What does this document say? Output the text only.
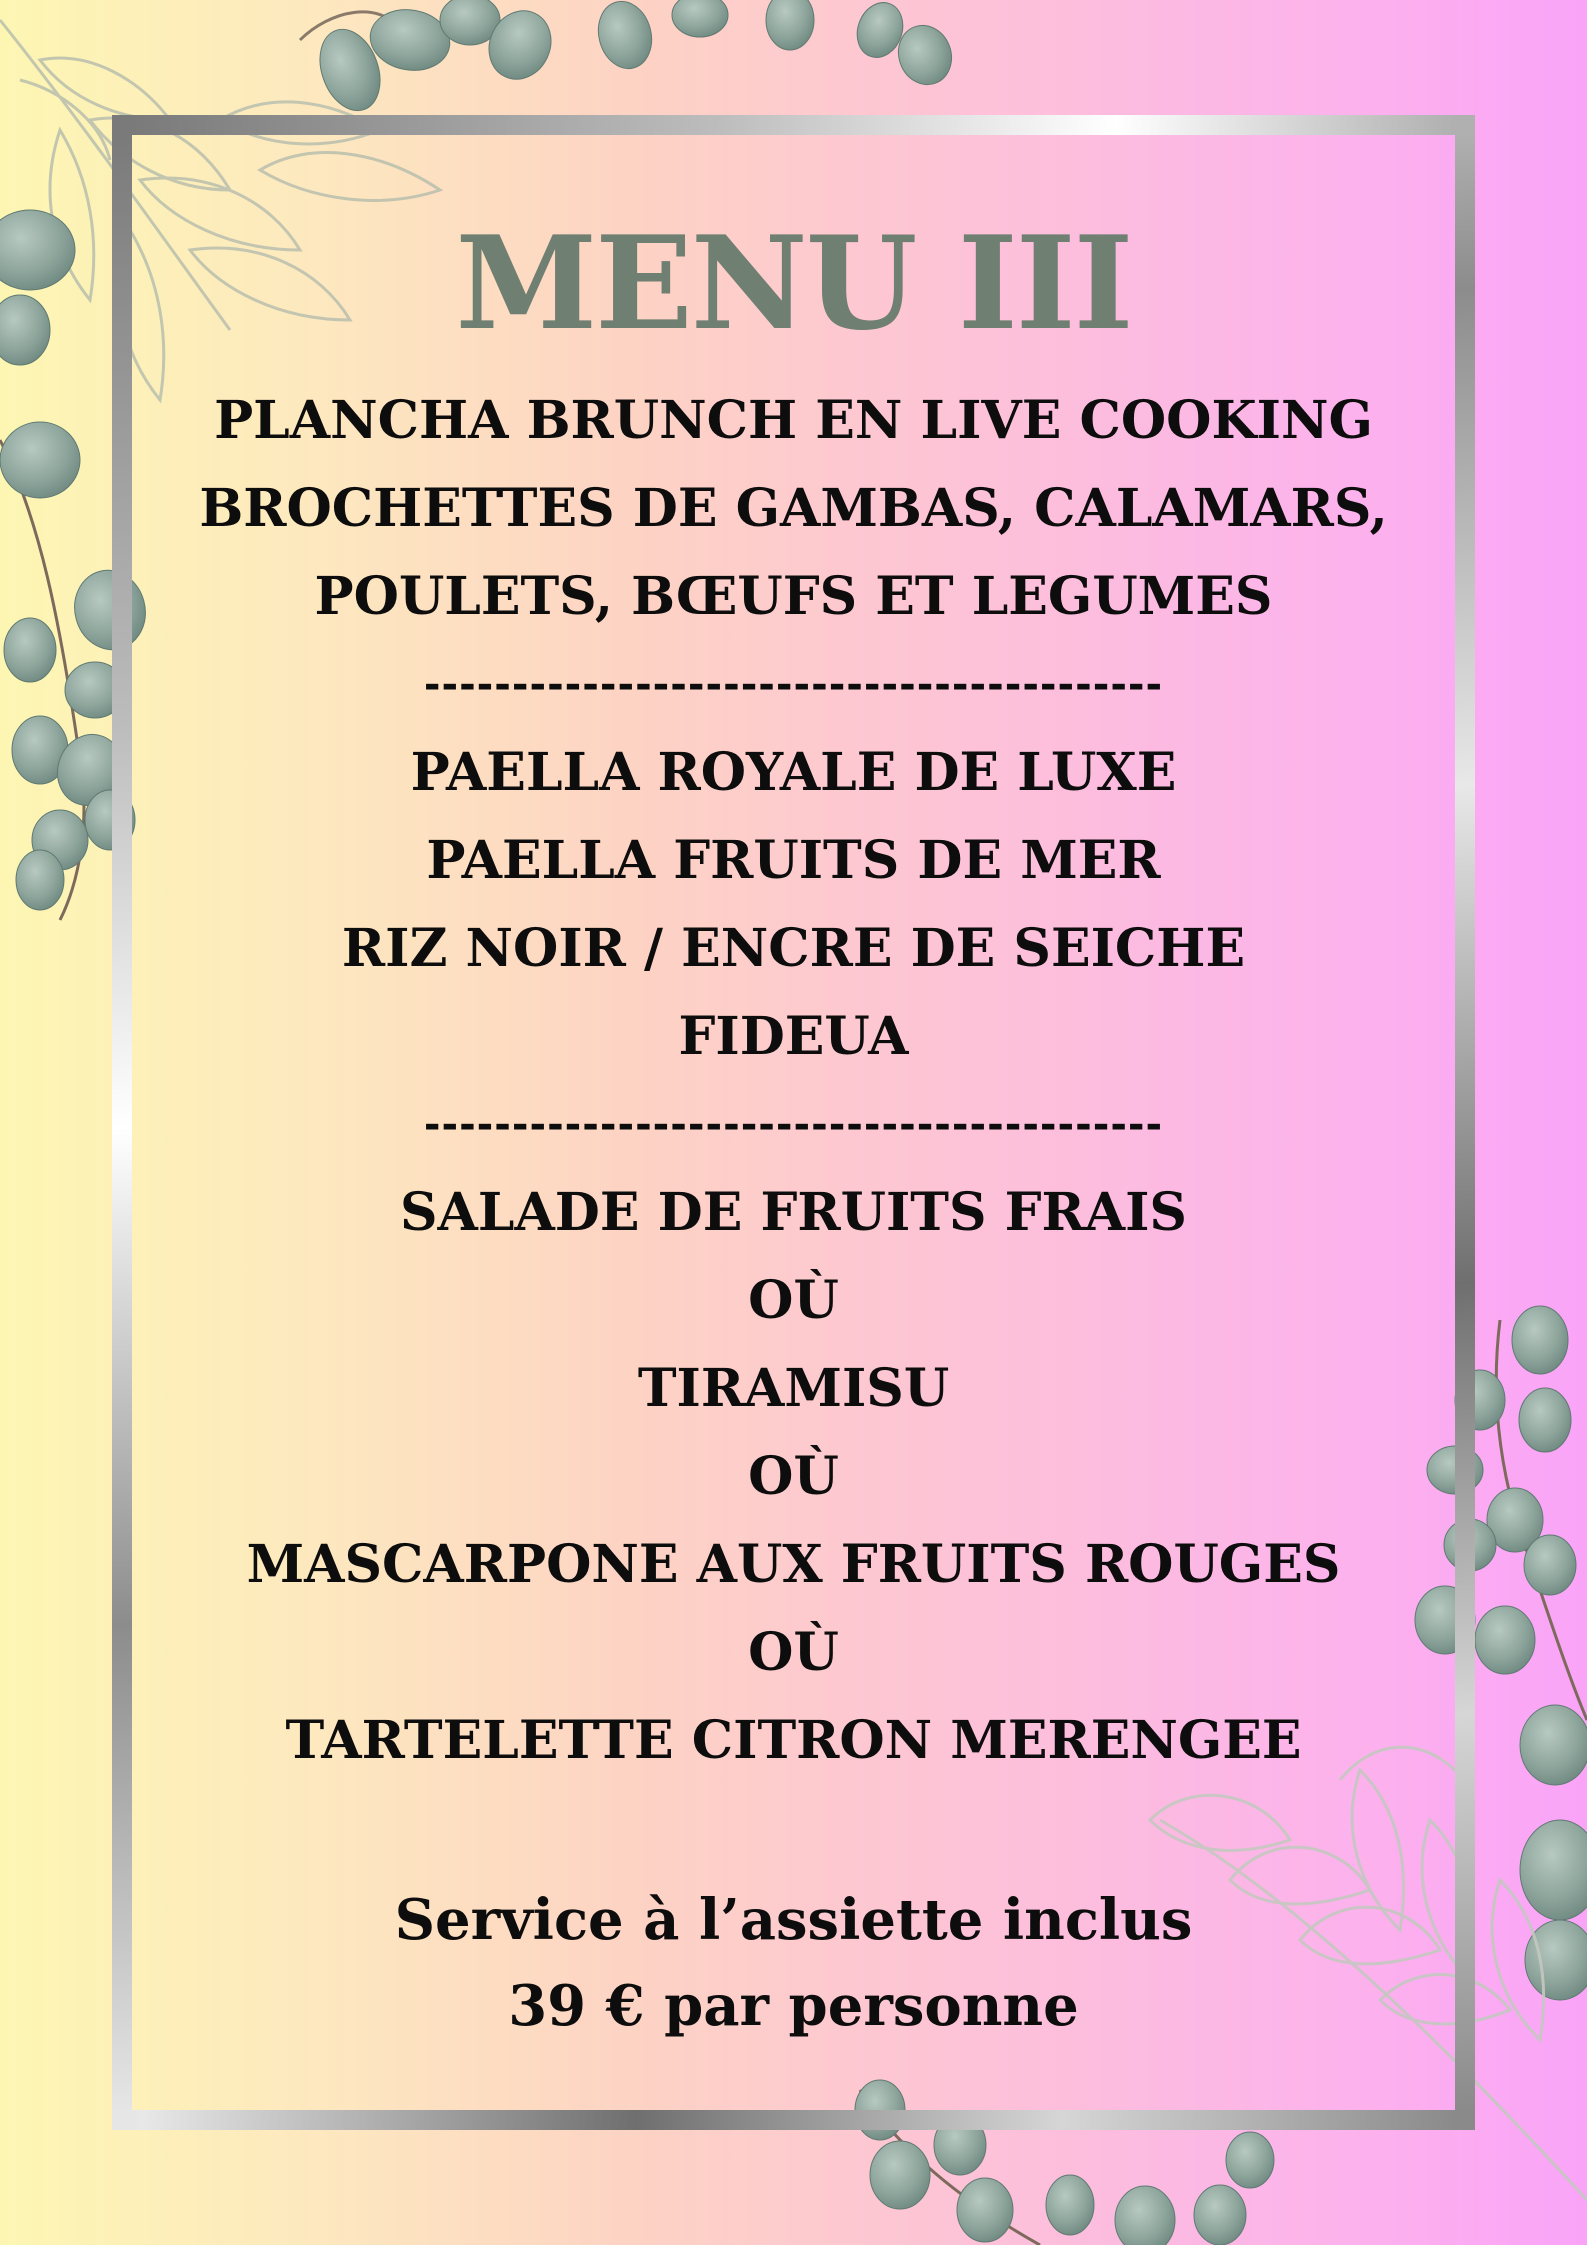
MENU III
PLANCHA BRUNCH EN LIVE COOKING
BROCHETTES DE GAMBAS, CALAMARS,
POULETS, BŒUFS ET LEGUMES
------------------------------------------
PAELLA ROYALE DE LUXE
PAELLA FRUITS DE MER
RIZ NOIR / ENCRE DE SEICHE
FIDEUA
------------------------------------------
SALADE DE FRUITS FRAIS
OÙ
TIRAMISU
OÙ
MASCARPONE AUX FRUITS ROUGES
OÙ
TARTELETTE CITRON MERENGEE
Service à l’assiette inclus
39 € par personne
